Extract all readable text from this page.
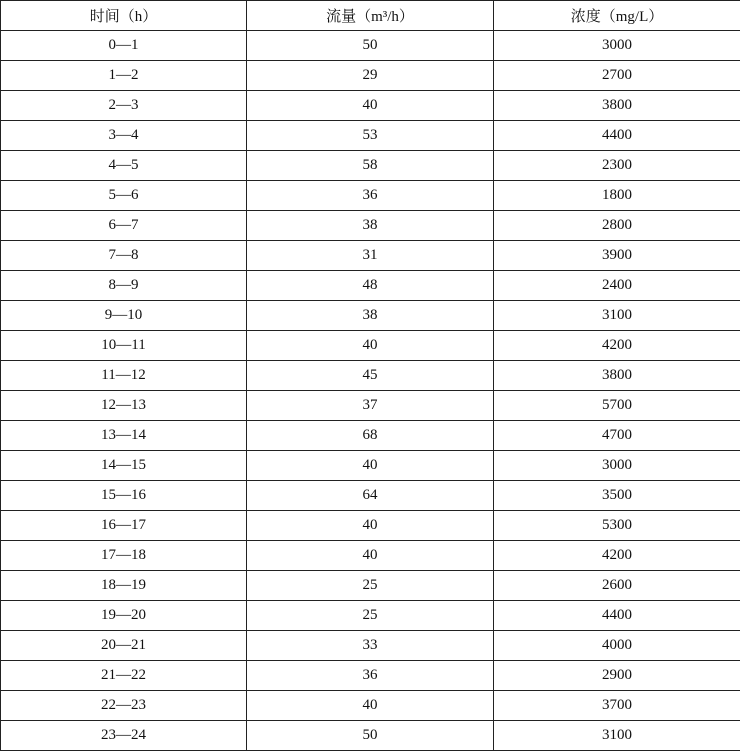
时间（h）	流量（m³/h）	浓度（mg/L）
0—1	50	3000
1—2	29	2700
2—3	40	3800
3—4	53	4400
4—5	58	2300
5—6	36	1800
6—7	38	2800
7—8	31	3900
8—9	48	2400
9—10	38	3100
10—11	40	4200
11—12	45	3800
12—13	37	5700
13—14	68	4700
14—15	40	3000
15—16	64	3500
16—17	40	5300
17—18	40	4200
18—19	25	2600
19—20	25	4400
20—21	33	4000
21—22	36	2900
22—23	40	3700
23—24	50	3100
